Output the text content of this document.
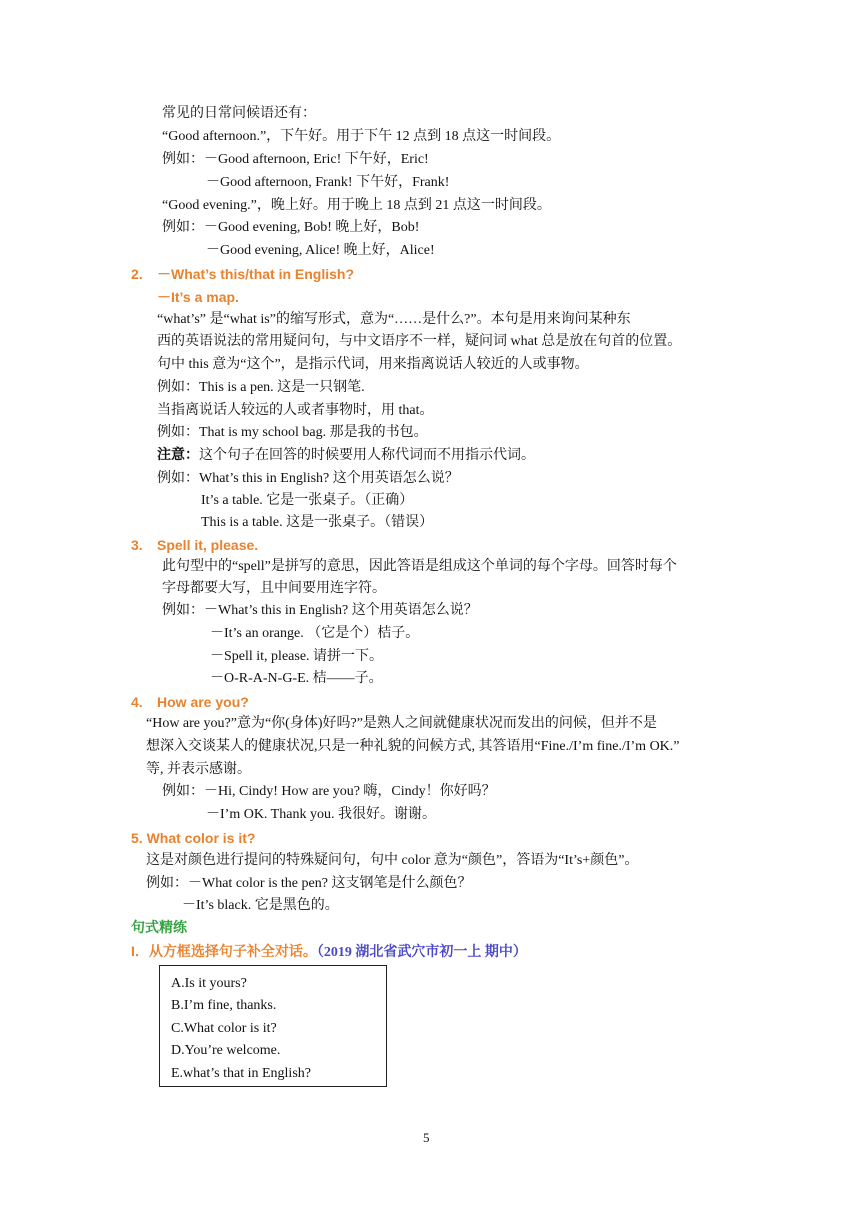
常见的日常问候语还有：
“Good afternoon.”，下午好。用于下午 12 点到 18 点这一时间段。
例如：－Good afternoon, Eric! 下午好，Eric!
－Good afternoon, Frank! 下午好，Frank!
“Good evening.”，晚上好。用于晚上 18 点到 21 点这一时间段。
例如：－Good evening, Bob! 晚上好，Bob!
－Good evening, Alice! 晚上好，Alice!
2. －What’s this/that in English?
－It’s a map.
“what’s” 是“what is”的缩写形式，意为“……是什么?”。本句是用来询问某种东
西的英语说法的常用疑问句，与中文语序不一样，疑问词 what 总是放在句首的位置。
句中 this 意为“这个”，是指示代词，用来指离说话人较近的人或事物。
例如：This is a pen. 这是一只钢笔.
当指离说话人较远的人或者事物时，用 that。
例如：That is my school bag. 那是我的书包。
注意：这个句子在回答的时候要用人称代词而不用指示代词。
例如：What’s this in English? 这个用英语怎么说？
It’s a table. 它是一张桌子。（正确）
This is a table. 这是一张桌子。（错误）
3. Spell it, please.
此句型中的“spell”是拼写的意思，因此答语是组成这个单词的每个字母。回答时每个
字母都要大写，且中间要用连字符。
例如：－What’s this in English? 这个用英语怎么说？
－It’s an orange. （它是个）桔子。
－Spell it, please. 请拼一下。
－O-R-A-N-G-E. 桔——子。
4. How are you?
“How are you?”意为“你(身体)好吗?”是熟人之间就健康状况而发出的问候，但并不是
想深入交谈某人的健康状况,只是一种礼貌的问候方式, 其答语用“Fine./I’m fine./I’m OK.”
等, 并表示感谢。
例如：－Hi, Cindy! How are you? 嗨，Cindy！你好吗？
－I’m OK. Thank you. 我很好。谢谢。
5. What color is it?
这是对颜色进行提问的特殊疑问句，句中 color 意为“颜色”，答语为“It’s+颜色”。
例如：－What color is the pen? 这支钢笔是什么颜色？
－It’s black. 它是黑色的。
句式精练
I．从方框选择句子补全对话。（2019 湖北省武穴市初一上 期中）
A.Is it yours?
B.I’m fine, thanks.
C.What color is it?
D.You’re welcome.
E.what’s that in English?
5
